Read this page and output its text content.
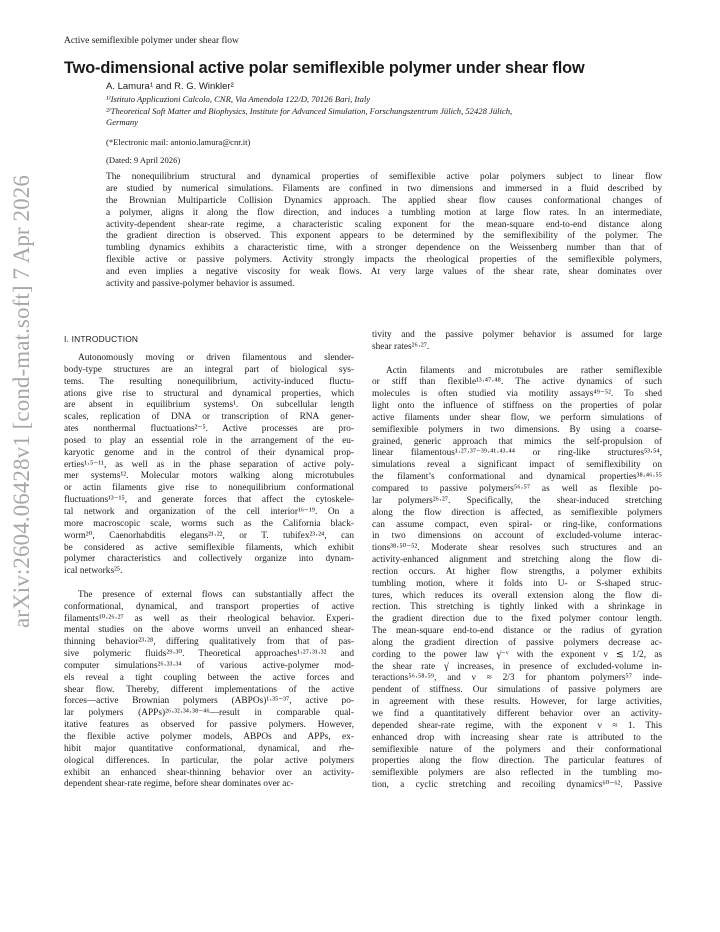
arXiv:2604.06428v1 [cond-mat.soft] 7 Apr 2026
Active semiflexible polymer under shear flow
Two-dimensional active polar semiflexible polymer under shear flow
A. Lamura¹ and R. G. Winkler²
¹⁾Istituto Applicazioni Calcolo, CNR, Via Amendola 122/D, 70126 Bari, Italy
²⁾Theoretical Soft Matter and Biophysics, Institute for Advanced Simulation, Forschungszentrum Jülich, 52428 Jülich,
Germany
(*Electronic mail: antonio.lamura@cnr.it)
(Dated: 9 April 2026)
The nonequilibrium structural and dynamical properties of semiflexible active polar polymers subject to linear flow
are studied by numerical simulations. Filaments are confined in two dimensions and immersed in a fluid described by
the Brownian Multiparticle Collision Dynamics approach. The applied shear flow causes conformational changes of
a polymer, aligns it along the flow direction, and induces a tumbling motion at large flow rates. In an intermediate,
activity-dependent shear-rate regime, a characteristic scaling exponent for the mean-square end-to-end distance along
the gradient direction is observed. This exponent appears to be determined by the semiflexibility of the polymer. The
tumbling dynamics exhibits a characteristic time, with a stronger dependence on the Weissenberg number than that of
flexible active or passive polymers. Activity strongly impacts the rheological properties of the semiflexible polymers,
and even implies a negative viscosity for weak flows. At very large values of the shear rate, shear dominates over
activity and passive-polymer behavior is assumed.
I. INTRODUCTION
Autonomously moving or driven filamentous and slender-
body-type structures are an integral part of biological sys-
tems. The resulting nonequilibrium, activity-induced fluctu-
ations give rise to structural and dynamical properties, which
are absent in equilibrium systems¹. On subcellular length
scales, replication of DNA or transcription of RNA gener-
ates nonthermal fluctuations²⁻⁵. Active processes are pro-
posed to play an essential role in the arrangement of the eu-
karyotic genome and in the control of their dynamical prop-
erties¹·⁵⁻¹¹, as well as in the phase separation of active poly-
mer systems¹². Molecular motors walking along microtubules
or actin filaments give rise to nonequilibrium conformational
fluctuations¹³⁻¹⁵, and generate forces that affect the cytoskele-
tal network and organization of the cell interior¹⁶⁻¹⁹. On a
more macroscopic scale, worms such as the California black-
worm²⁰, Caenorhabditis elegans²¹·²², or T. tubifex²³·²⁴, can
be considered as active semiflexible filaments, which exhibit
polymer characteristics and collectively organize into dynam-
ical networks²⁵.
The presence of external flows can substantially affect the
conformational, dynamical, and transport properties of active
filaments¹⁰·²⁶·²⁷ as well as their rheological behavior. Experi-
mental studies on the above worms unveil an enhanced shear-
thinning behavior²³·²⁸, differing qualitatively from that of pas-
sive polymeric fluids²⁹·³⁰. Theoretical approaches¹·²⁷·³¹·³² and
computer simulations²⁶·³³·³⁴ of various active-polymer mod-
els reveal a tight coupling between the active forces and
shear flow. Thereby, different implementations of the active
forces—active Brownian polymers (ABPOs)¹·³⁵⁻³⁷, active po-
lar polymers (APPs)²⁶·³²·³⁴·³⁸⁻⁴⁶—result in comparable qual-
itative features as observed for passive polymers. However,
the flexible active polymer models, ABPOs and APPs, ex-
hibit major quantitative conformational, dynamical, and rhe-
ological differences. In particular, the polar active polymers
exhibit an enhanced shear-thinning behavior over an activity-
dependent shear-rate regime, before shear dominates over ac-
tivity and the passive polymer behavior is assumed for large
shear rates²⁶·²⁷.
Actin filaments and microtubules are rather semiflexible
or stiff than flexible¹³·⁴⁷·⁴⁸. The active dynamics of such
molecules is often studied via motility assays⁴⁹⁻⁵². To shed
light onto the influence of stiffness on the properties of polar
active filaments under shear flow, we perform simulations of
semiflexible polymers in two dimensions. By using a coarse-
grained, generic approach that mimics the self-propulsion of
linear filamentous¹·²⁷·³⁷⁻³⁹·⁴¹·⁴³·⁴⁴ or ring-like structures⁵³·⁵⁴,
simulations reveal a significant impact of semiflexibility on
the filament’s conformational and dynamical properties³⁸·⁴⁶·⁵⁵
compared to passive polymers⁵⁶·⁵⁷ as well as flexible po-
lar polymers²⁶·²⁷. Specifically, the shear-induced stretching
along the flow direction is affected, as semiflexible polymers
can assume compact, even spiral- or ring-like, conformations
in two dimensions on account of excluded-volume interac-
tions³⁸·⁵⁰⁻⁵². Moderate shear resolves such structures and an
activity-enhanced alignment and stretching along the flow di-
rection occurs. At higher flow strengths, a polymer exhibits
tumbling motion, where it folds into U- or S-shaped struc-
tures, which reduces its overall extension along the flow di-
rection. This stretching is tightly linked with a shrinkage in
the gradient direction due to the fixed polymer contour length.
The mean-square end-to-end distance or the radius of gyration
along the gradient direction of passive polymers decrease ac-
cording to the power law γ̇⁻ᵛ with the exponent ν ≲ 1/2, as
the shear rate γ̇ increases, in presence of excluded-volume in-
teractions⁵⁶·⁵⁸·⁵⁹, and ν ≈ 2/3 for phantom polymers⁵⁷ inde-
pendent of stiffness. Our simulations of passive polymers are
in agreement with these results. However, for large activities,
we find a quantitatively different behavior over an activity-
depended shear-rate regime, with the exponent ν ≈ 1. This
enhanced drop with increasing shear rate is attributed to the
semiflexible nature of the polymers and their conformational
properties along the flow direction. The particular features of
semiflexible polymers are also reflected in the tumbling mo-
tion, a cyclic stretching and recoiling dynamics⁶⁰⁻⁶². Passive
